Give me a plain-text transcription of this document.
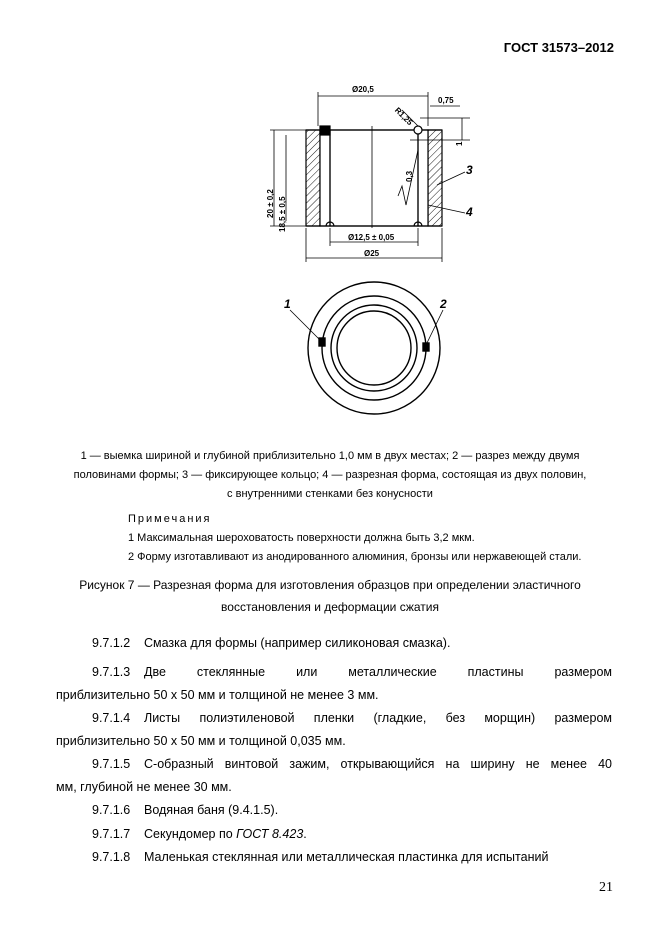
ГОСТ 31573–2012
Ø20,5
0,75
R1,25
1
20 ± 0,2 18,5 ± 0,5
0,3
Ø12,5 ± 0,05
Ø25
3
4
1	2
1 — выемка шириной и глубиной приблизительно 1,0 мм в двух местах; 2 — разрез между двумя
половинами формы; 3 — фиксирующее кольцо; 4 — разрезная форма, состоящая из двух половин,
с внутренними стенками без конусности
Примечания
1 Максимальная шероховатость поверхности должна быть 3,2 мкм.
2 Форму изготавливают из анодированного алюминия, бронзы или нержавеющей стали.
Рисунок 7 — Разрезная форма для изготовления образцов при определении эластичного
восстановления и деформации сжатия
9.7.1.2 Смазка для формы (например силиконовая смазка).
9.7.1.3	Две стеклянные или металлические пластины размером
приблизительно 50 х 50 мм и толщиной не менее 3 мм.
9.7.1.4	Листы полиэтиленовой пленки (гладкие, без морщин) размером
приблизительно 50 х 50 мм и толщиной 0,035 мм.
9.7.1.5	С-образный винтовой зажим, открывающийся на ширину не менее 40
мм, глубиной не менее 30 мм.
9.7.1.6 Водяная баня (9.4.1.5).
9.7.1.7 Секундомер по ГОСТ 8.423.
9.7.1.8	Маленькая стеклянная или металлическая пластинка для испытаний
21
